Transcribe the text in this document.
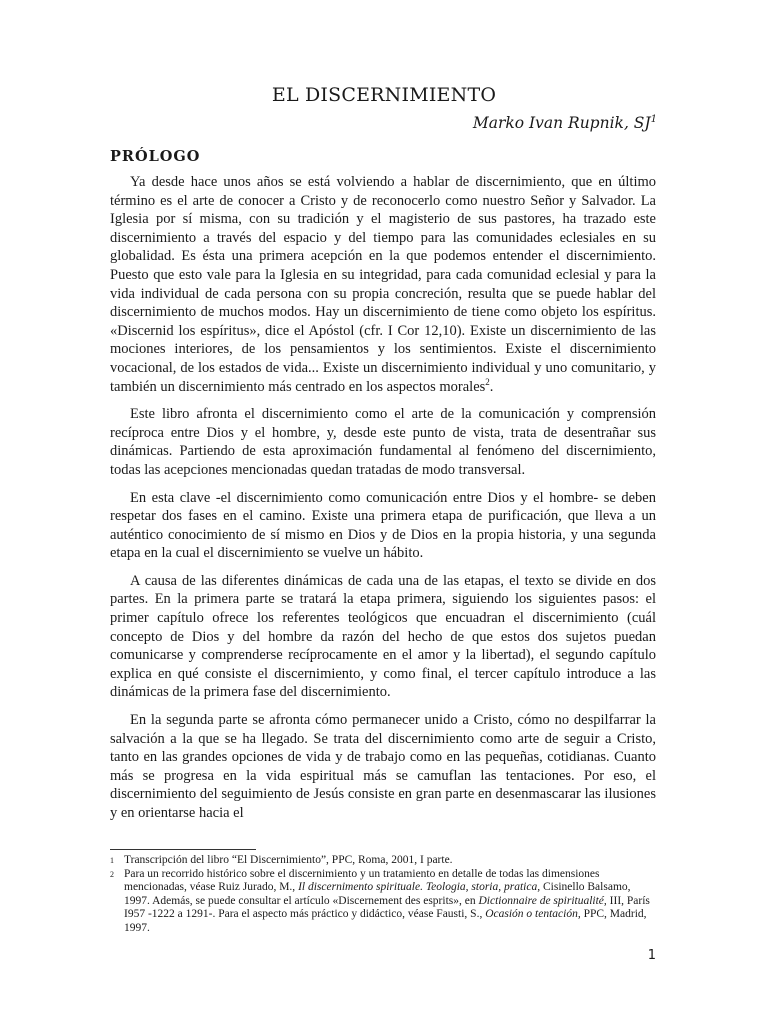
EL DISCERNIMIENTO
Marko Ivan Rupnik, $SJ^1$
PRÓLOGO

Ya desde hace unos años se está volviendo a hablar de discernimiento, que en último término es el arte de conocer a Cristo y de reconocerlo como nuestro Señor y Salvador. La Iglesia por sí misma, con su tradición y el magisterio de sus pastores, ha trazado este discernimiento a través del espacio y del tiempo para las comunidades eclesiales en su globalidad. Es ésta una primera acepción en la que podemos entender el discernimiento. Puesto que esto vale para la Iglesia en su integridad, para cada comunidad eclesial y para la vida individual de cada persona con su propia concreción, resulta que se puede hablar del discernimiento de muchos modos. Hay un discernimiento de tiene como objeto los espíritus. «Discernid los espíritus», dice el Apóstol (cfr. I Cor 12,10). Existe un discernimiento de las mociones interiores, de los pensamientos y los sentimientos. Existe el discernimiento vocacional, de los estados de vida... Existe un discernimiento individual y uno comunitario, y también un discernimiento más centrado en los aspectos morales$^2$.

Este libro afronta el discernimiento como el arte de la comunicación y comprensión recíproca entre Dios y el hombre, y, desde este punto de vista, trata de desentrañar sus dinámicas. Partiendo de esta aproximación fundamental al fenómeno del discernimiento, todas las acepciones mencionadas quedan tratadas de modo transversal.

En esta clave -el discernimiento como comunicación entre Dios y el hombre- se deben respetar dos fases en el camino. Existe una primera etapa de purificación, que lleva a un auténtico conocimiento de sí mismo en Dios y de Dios en la propia historia, y una segunda etapa en la cual el discernimiento se vuelve un hábito.

A causa de las diferentes dinámicas de cada una de las etapas, el texto se divide en dos partes. En la primera parte se tratará la etapa primera, siguiendo los siguientes pasos: el primer capítulo ofrece los referentes teológicos que encuadran el discernimiento (cuál concepto de Dios y del hombre da razón del hecho de que estos dos sujetos puedan comunicarse y comprenderse recíprocamente en el amor y la libertad), el segundo capítulo explica en qué consiste el discernimiento, y como final, el tercer capítulo introduce a las dinámicas de la primera fase del discernimiento.

En la segunda parte se afronta cómo permanecer unido a Cristo, cómo no despilfarrar la salvación a la que se ha llegado. Se trata del discernimiento como arte de seguir a Cristo, tanto en las grandes opciones de vida y de trabajo como en las pequeñas, cotidianas. Cuanto más se progresa en la vida espiritual más se camuflan las tentaciones. Por eso, el discernimiento del seguimiento de Jesús consiste en gran parte en desenmascarar las ilusiones y en orientarse hacia el

1 Transcripción del libro “El Discernimiento”, PPC, Roma, 2001, I parte.

2 Para un recorrido histórico sobre el discernimiento y un tratamiento en detalle de todas las dimensiones mencionadas, véase Ruiz Jurado, M., Il discernimento spirituale. Teologia, storia, pratica, Cisinello Balsamo, 1997. Además, se puede consultar el artículo «Discernement des esprits», en Dictionnaire de spiritualité, III, París I957 -1222 a 1291-. Para el aspecto más práctico y didáctico, véase Fausti, S., Ocasión o tentación, PPC, Madrid, 1997.

1
